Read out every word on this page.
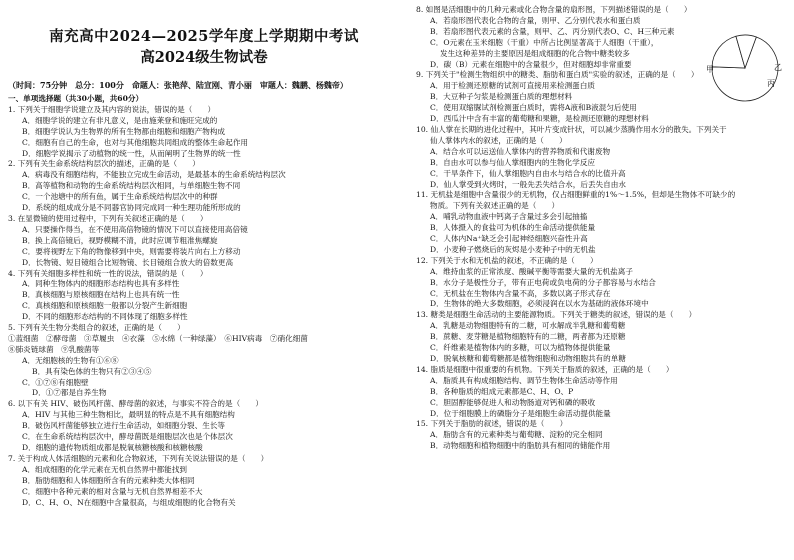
南充高中2024—2025学年度上学期期中考试
高2024级生物试卷
（时间：75分钟　总分：100分　命题人：张艳萍、陆宣刚、青小丽　审题人：魏鹏、杨魏帝）
一、单项选择题（共30小题，共60分）
1. 下列关于细胞学说建立及其内容的说法，错误的是（　　）
A．细胞学说的建立有非凡意义，是由施莱登和施旺完成的
B．细胞学说认为生物界的所有生物都由细胞和细胞产物构成
C．细胞有自己的生命，也对与其他细胞共同组成的整体生命起作用
D．细胞学说揭示了动植物的统一性，从而阐明了生物界的统一性
2. 下列有关生命系统结构层次的描述，正确的是（　　）
A．病毒没有细胞结构，不能独立完成生命活动，是最基本的生命系统结构层次
B．高等植物和动物的生命系统结构层次相同，与单细胞生物不同
C．一个池塘中的所有鱼，属于生命系统结构层次中的种群
D．系统的组成成分是不同器官协同完成同一种生理功能所形成的
3. 在显微镜的使用过程中，下列有关叙述正确的是（　　）
A．只要操作得当，在不使用高倍物镜的情况下可以直接使用高倍镜
B．换上高倍镜后，视野模糊不清，此时应调节粗准焦螺旋
C．要将视野左下角的物像移到中央，则需要将装片向右上方移动
D．长物镜、短目镜组合比短物镜、长目镜组合放大的倍数更高
4. 下列有关细胞多样性和统一性的说法，错误的是（　　）
A．同种生物体内的细胞形态结构也具有多样性
B．真核细胞与原核细胞在结构上也具有统一性
C．真核细胞和原核细胞一般都以分裂产生新细胞
D．不同的细胞形态结构的不同体现了细胞多样性
5. 下列有关生物分类组合的叙述，正确的是（　　）
①蓝细菌　②酵母菌　③草履虫　④衣藻　⑤水绵（一种绿藻）　⑥HIV病毒　⑦硝化细菌
⑧肺炎链球菌　⑨乳酸菌等
A．无细胞核的生物有①⑥⑧
B．具有染色体的生物只有②③④⑤
C．①⑦⑧有细胞壁
D．①⑦都是自养生物
6. 以下有关 HIV、破伤风杆菌、酵母菌的叙述，与事实不符合的是（　　）
A．HIV 与其他三种生物相比，最明显的特点是不具有细胞结构
B．破伤风杆菌能够独立进行生命活动，如细胞分裂、生长等
C．在生命系统结构层次中，酵母菌既是细胞层次也是个体层次
D．细胞的遗传物质组成都是脱氧核糖核酸和核糖核酸
7. 关于构成人体活细胞的元素和化合物叙述，下列有关说法错误的是（　　）
A．组成细胞的化学元素在无机自然界中都能找到
B．脂肪细胞和人体细胞所含有的元素种类大体相同
C．细胞中各种元素的相对含量与无机自然界相差不大
D．C、H、O、N在细胞中含量很高，与组成细胞的化合物有关
8. 如图是活细胞中的几种元素或化合物含量的扇形图，下列描述错误的是（　　）
A．若扇形图代表化合物的含量，则甲、乙分别代表水和蛋白质
B．若扇形图代表元素的含量，则甲、乙、丙分别代表O、C、H三种元素
C．O元素在玉米细胞（干重）中所占比例显著高于人细胞（干重），
发生这种差异的主要原因是组成细胞的化合物中糖类较多
D．碳（B）元素在细胞中的含量很少，但对细胞却非常重要
9. 下列关于"检测生物组织中的糖类、脂肪和蛋白质"实验的叙述，正确的是（　　）
A．用于检测还原糖的试剂可直接用来检测蛋白质
B．大豆种子匀浆是检测蛋白质的理想材料
C．使用双缩脲试剂检测蛋白质时，需将A液和B液混匀后使用
D．西瓜汁中含有丰富的葡萄糖和果糖，是检测还原糖的理想材料
10. 仙人掌在长期的进化过程中，其叶片变成针状，可以减少蒸腾作用水分的散失。下列关于
仙人掌体内水的叙述，正确的是（　　）
A．结合水可以运送仙人掌体内的营养物质和代谢废物
B．自由水可以参与仙人掌细胞内的生物化学反应
C．干旱条件下，仙人掌细胞内自由水与结合水的比值升高
D．仙人掌受到火烤时，一般先丢失结合水，后丢失自由水
11. 无机盐是细胞中含量很少的无机物，仅占细胞鲜重的1%～1.5%，但却是生物体不可缺少的
物质。下列有关叙述正确的是（　　）
A．哺乳动物血液中钙离子含量过多会引起抽搐
B．人体摄入的食盐可为机体的生命活动提供能量
C．人体内Na⁺缺乏会引起神经细胞兴奋性升高
D．小麦种子燃烧后的灰烬是小麦种子中的无机盐
12. 下列关于水和无机盐的叙述，不正确的是（　　）
A．维持血浆的正常浓度、酸碱平衡等需要大量的无机盐离子
B．水分子是极性分子，带有正电荷或负电荷的分子都容易与水结合
C．无机盐在生物体内含量不高，多数以离子形式存在
D．生物体的绝大多数细胞，必须浸润在以水为基础的液体环境中
13. 糖类是细胞生命活动的主要能源物质。下列关于糖类的叙述，错误的是（　　）
A．乳糖是动物细胞特有的二糖，可水解成半乳糖和葡萄糖
B．蔗糖、麦芽糖是植物细胞特有的二糖，两者都为还原糖
C．纤维素是植物体内的多糖，可以为植物体提供能量
D．脱氧核糖和葡萄糖都是植物细胞和动物细胞共有的单糖
14. 脂质是细胞中很重要的有机物。下列关于脂质的叙述，正确的是（　　）
A．脂质具有构成细胞结构、调节生物体生命活动等作用
B．各种脂质的组成元素都是C、H、O、P
C．胆固醇能够促进人和动物肠道对钙和磷的吸收
D．位于细胞膜上的磷脂分子是细胞生命活动提供能量
15. 下列关于脂肪的叙述，错误的是（　　）
A．脂肪含有的元素种类与葡萄糖、淀粉的完全相同
B．动物细胞和植物细胞中的脂肪具有相同的储能作用
甲	乙
丙
